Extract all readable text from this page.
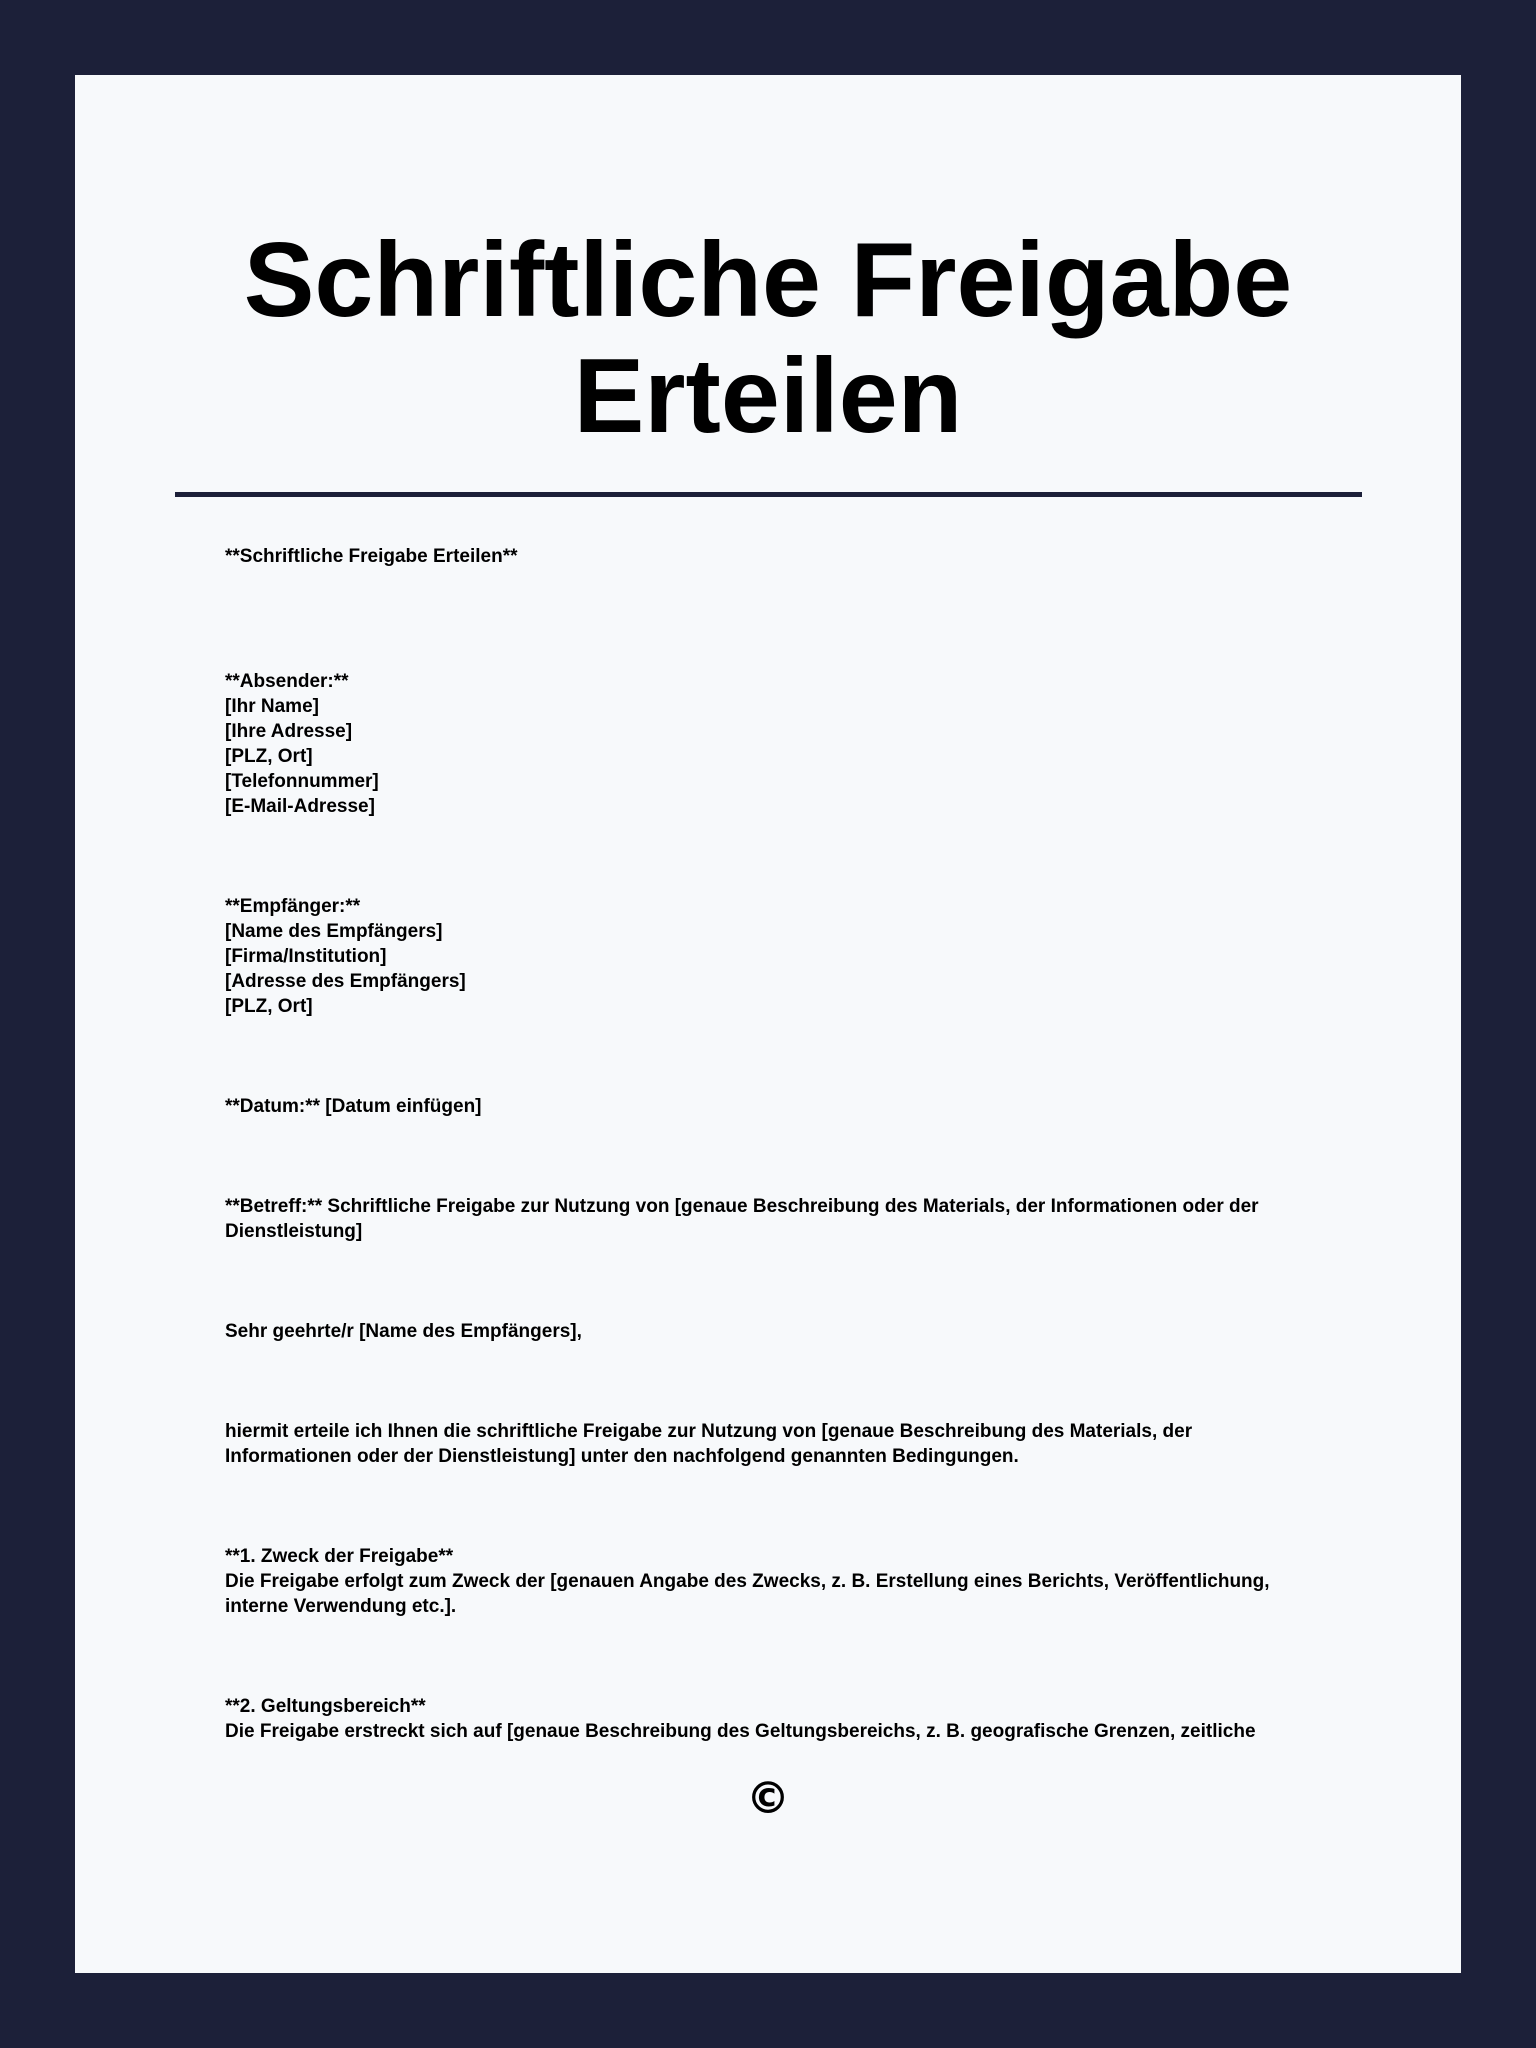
Schriftliche Freigabe
Erteilen
**Schriftliche Freigabe Erteilen**
**Absender:**
[Ihr Name]
[Ihre Adresse]
[PLZ, Ort]
[Telefonnummer]
[E-Mail-Adresse]
**Empfänger:**
[Name des Empfängers]
[Firma/Institution]
[Adresse des Empfängers]
[PLZ, Ort]
**Datum:** [Datum einfügen]
**Betreff:** Schriftliche Freigabe zur Nutzung von [genaue Beschreibung des Materials, der Informationen oder der
Dienstleistung]
Sehr geehrte/r [Name des Empfängers],
hiermit erteile ich Ihnen die schriftliche Freigabe zur Nutzung von [genaue Beschreibung des Materials, der
Informationen oder der Dienstleistung] unter den nachfolgend genannten Bedingungen.
**1. Zweck der Freigabe**
Die Freigabe erfolgt zum Zweck der [genauen Angabe des Zwecks, z. B. Erstellung eines Berichts, Veröffentlichung,
interne Verwendung etc.].
**2. Geltungsbereich**
Die Freigabe erstreckt sich auf [genaue Beschreibung des Geltungsbereichs, z. B. geografische Grenzen, zeitliche
©
